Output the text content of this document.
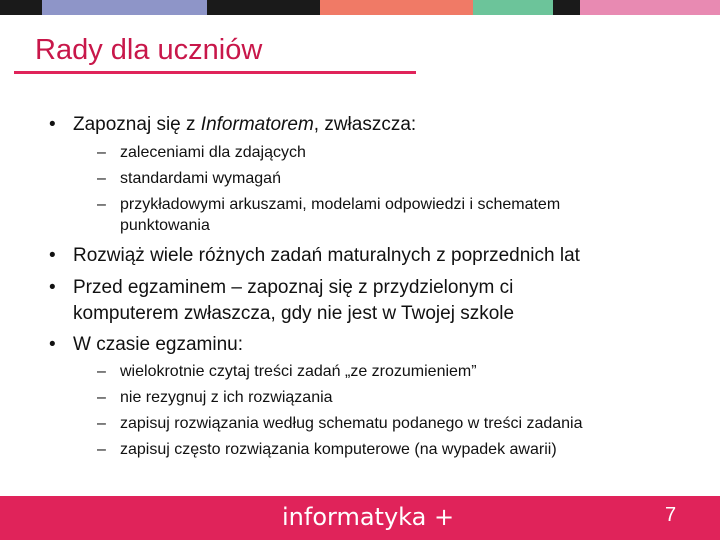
Rady dla uczniów
• Zapoznaj się z Informatorem, zwłaszcza:
– zaleceniami dla zdających
– standardami wymagań
– przykładowymi arkuszami, modelami odpowiedzi i schematem
punktowania
• Rozwiąż wiele różnych zadań maturalnych z poprzednich lat
• Przed egzaminem – zapoznaj się z przydzielonym ci
komputerem zwłaszcza, gdy nie jest w Twojej szkole
• W czasie egzaminu:
– wielokrotnie czytaj treści zadań „ze zrozumieniem”
– nie rezygnuj z ich rozwiązania
– zapisuj rozwiązania według schematu podanego w treści zadania
– zapisuj często rozwiązania komputerowe (na wypadek awarii)
informatyka +	7
